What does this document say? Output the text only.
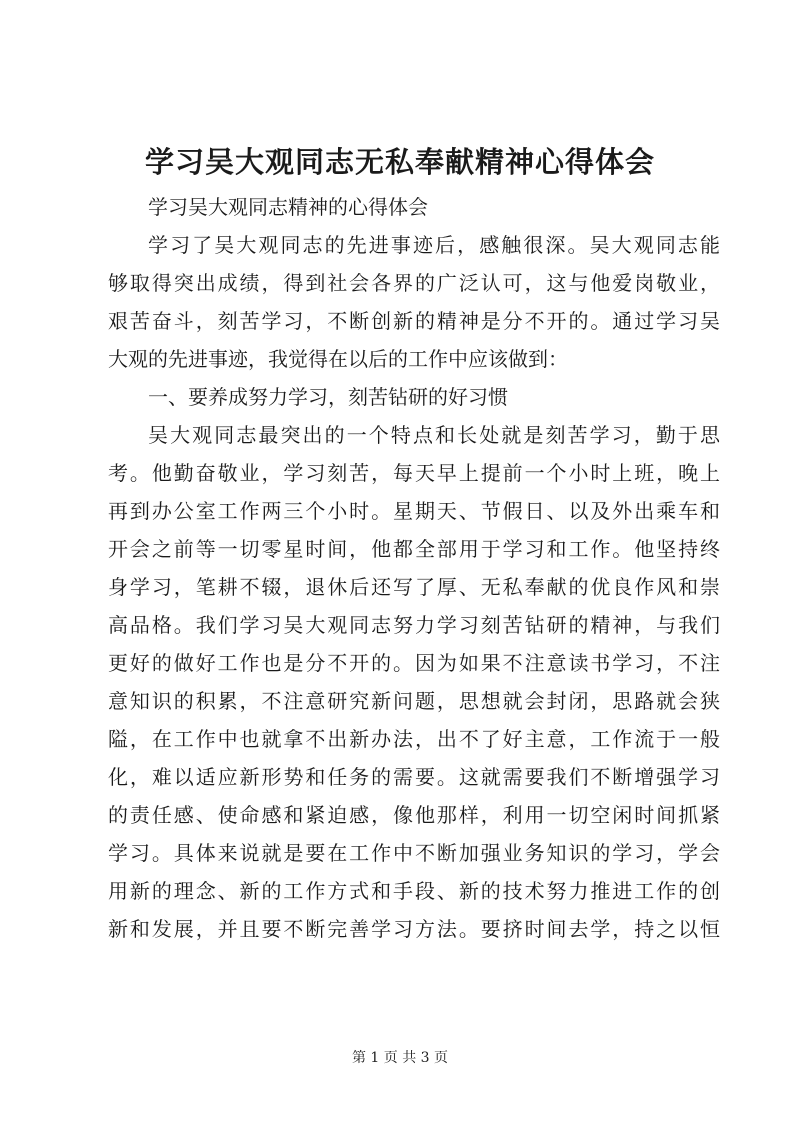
学习吴大观同志无私奉献精神心得体会
学习吴大观同志精神的心得体会
学习了吴大观同志的先进事迹后，感触很深。吴大观同志能
够取得突出成绩，得到社会各界的广泛认可，这与他爱岗敬业，
艰苦奋斗，刻苦学习，不断创新的精神是分不开的。通过学习吴
大观的先进事迹，我觉得在以后的工作中应该做到：
一、要养成努力学习，刻苦钻研的好习惯
吴大观同志最突出的一个特点和长处就是刻苦学习，勤于思
考。他勤奋敬业，学习刻苦，每天早上提前一个小时上班，晚上
再到办公室工作两三个小时。星期天、节假日、以及外出乘车和
开会之前等一切零星时间，他都全部用于学习和工作。他坚持终
身学习，笔耕不辍，退休后还写了厚、无私奉献的优良作风和崇
高品格。我们学习吴大观同志努力学习刻苦钻研的精神，与我们
更好的做好工作也是分不开的。因为如果不注意读书学习，不注
意知识的积累，不注意研究新问题，思想就会封闭，思路就会狭
隘，在工作中也就拿不出新办法，出不了好主意，工作流于一般
化，难以适应新形势和任务的需要。这就需要我们不断增强学习
的责任感、使命感和紧迫感，像他那样，利用一切空闲时间抓紧
学习。具体来说就是要在工作中不断加强业务知识的学习，学会
用新的理念、新的工作方式和手段、新的技术努力推进工作的创
新和发展，并且要不断完善学习方法。要挤时间去学，持之以恒
第 1 页 共 3 页
